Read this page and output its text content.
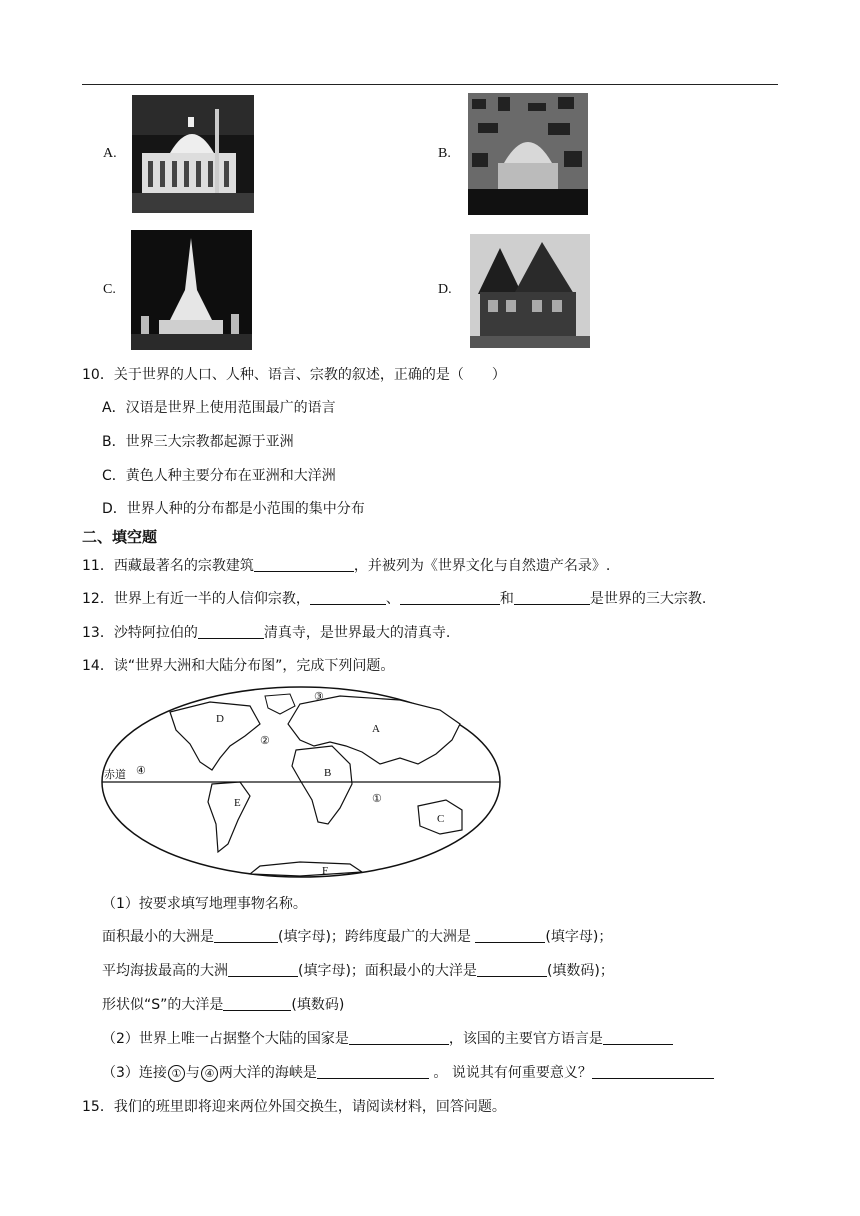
A.	B.
C.	D.
10．关于世界的人口、人种、语言、宗教的叙述，正确的是（　　）
A．汉语是世界上使用范围最广的语言
B．世界三大宗教都起源于亚洲
C．黄色人种主要分布在亚洲和大洋洲
D．世界人种的分布都是小范围的集中分布
二、填空题
11．西藏最著名的宗教建筑	，并被列为《世界文化与自然遗产名录》.
12．世界上有近一半的人信仰宗教，	、	和	是世界的三大宗教.
13．沙特阿拉伯的	清真寺，是世界最大的清真寺.
14．读“世界大洲和大陆分布图”，完成下列问题。
赤道
A
B
C
D
E
F
①
②
③
④
（1）按要求填写地理事物名称。
面积最小的大洲是	(填字母)；跨纬度最广的大洲是	(填字母)；
平均海拔最高的大洲	(填字母)；面积最小的大洋是	(填数码)；
形状似“S”的大洋是	(填数码)
（2）世界上唯一占据整个大陆的国家是	，该国的主要官方语言是
（3）连接 ① 与 ④ 两大洋的海峡是	。 说说其有何重要意义？
15．我们的班里即将迎来两位外国交换生，请阅读材料，回答问题。
